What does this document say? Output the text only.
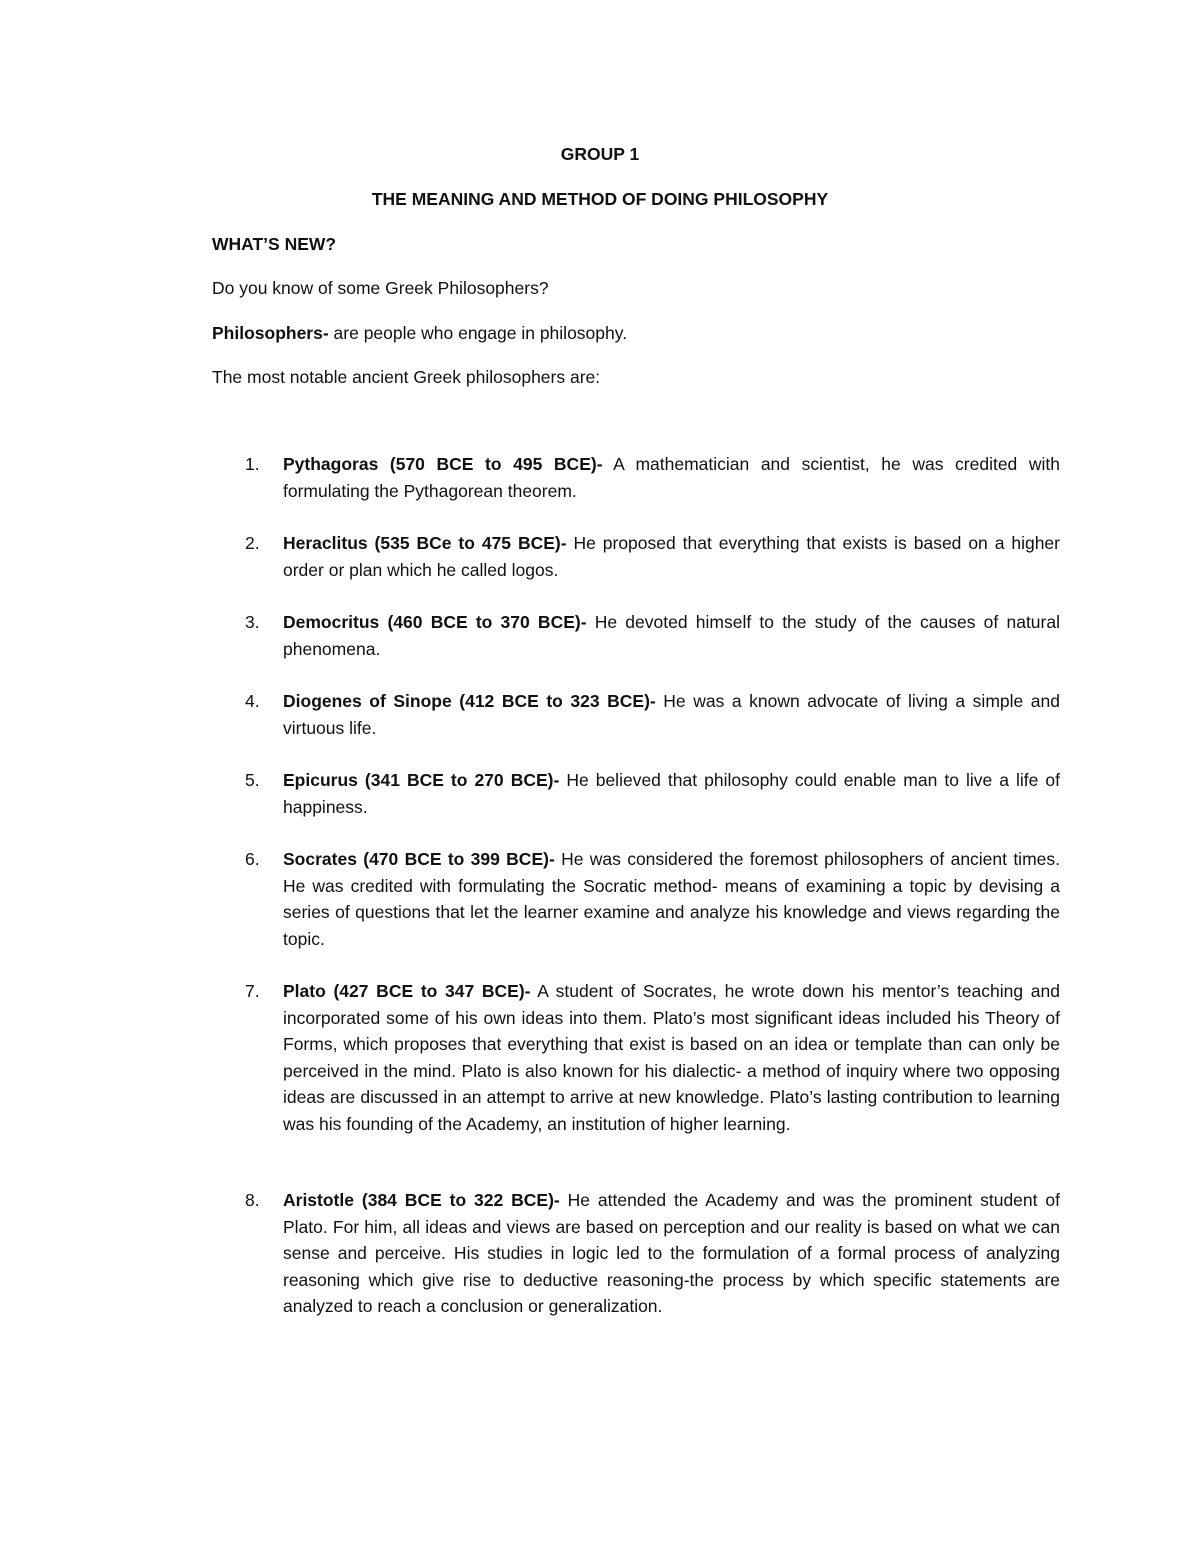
GROUP 1

THE MEANING AND METHOD OF DOING PHILOSOPHY

WHAT’S NEW?

Do you know of some Greek Philosophers?

Philosophers- are people who engage in philosophy.

The most notable ancient Greek philosophers are:

1.	Pythagoras (570 BCE to 495 BCE)- A mathematician and scientist, he was credited with formulating the Pythagorean theorem.
2.	Heraclitus (535 BCe to 475 BCE)- He proposed that everything that exists is based on a higher order or plan which he called logos.
3.	Democritus (460 BCE to 370 BCE)- He devoted himself to the study of the causes of natural phenomena.
4.	Diogenes of Sinope (412 BCE to 323 BCE)- He was a known advocate of living a simple and virtuous life.
5.	Epicurus (341 BCE to 270 BCE)- He believed that philosophy could enable man to live a life of happiness.
6.	Socrates (470 BCE to 399 BCE)- He was considered the foremost philosophers of ancient times. He was credited with formulating the Socratic method- means of examining a topic by devising a series of questions that let the learner examine and analyze his knowledge and views regarding the topic.
7.	Plato (427 BCE to 347 BCE)- A student of Socrates, he wrote down his mentor’s teaching and incorporated some of his own ideas into them. Plato’s most significant ideas included his Theory of Forms, which proposes that everything that exist is based on an idea or template than can only be perceived in the mind. Plato is also known for his dialectic- a method of inquiry where two opposing ideas are discussed in an attempt to arrive at new knowledge. Plato’s lasting contribution to learning was his founding of the Academy, an institution of higher learning.
8.	Aristotle (384 BCE to 322 BCE)- He attended the Academy and was the prominent student of Plato. For him, all ideas and views are based on perception and our reality is based on what we can sense and perceive. His studies in logic led to the formulation of a formal process of analyzing reasoning which give rise to deductive reasoning-the process by which specific statements are analyzed to reach a conclusion or generalization.
